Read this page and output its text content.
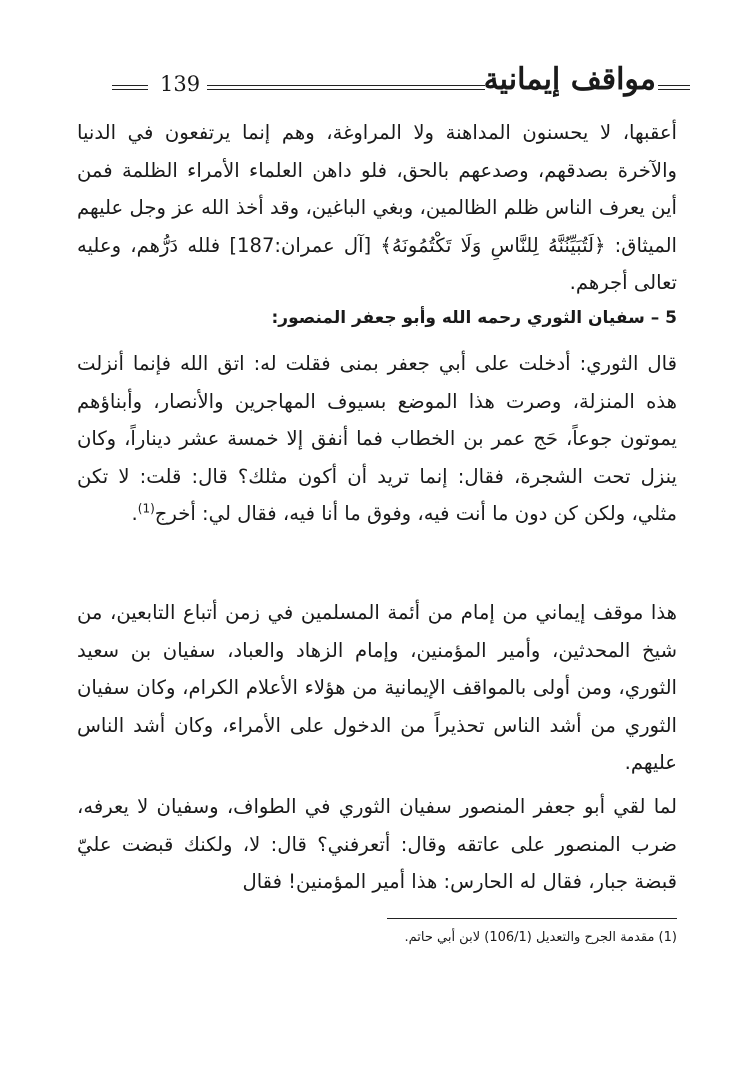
139	مواقف إيمانية

أعقبها، لا يحسنون المداهنة ولا المراوغة، وهم إنما يرتفعون في الدنيا والآخرة بصدقهم، وصدعهم بالحق، فلو داهن العلماء الأمراء الظلمة فمن أين يعرف الناس ظلم الظالمين، وبغي الباغين، وقد أخذ الله عز وجل عليهم الميثاق: ﴿لَتُبَيِّنُنَّهُ لِلنَّاسِ وَلَا تَكْتُمُونَهُ﴾ [آل عمران:187] فلله دَرُّهم، وعليه تعالى أجرهم.

5 – سفيان الثوري رحمه الله وأبو جعفر المنصور:

قال الثوري: أدخلت على أبي جعفر بمنى فقلت له: اتق الله فإنما أنزلت هذه المنزلة، وصرت هذا الموضع بسيوف المهاجرين والأنصار، وأبناؤهم يموتون جوعاً، حَج عمر بن الخطاب فما أنفق إلا خمسة عشر ديناراً، وكان ينزل تحت الشجرة، فقال: إنما تريد أن أكون مثلك؟ قال: قلت: لا تكن مثلي، ولكن كن دون ما أنت فيه، وفوق ما أنا فيه، فقال لي: أخرج$^{(1)}$.

هذا موقف إيماني من إمام من أئمة المسلمين في زمن أتباع التابعين، من شيخ المحدثين، وأمير المؤمنين، وإمام الزهاد والعباد، سفيان بن سعيد الثوري، ومن أولى بالمواقف الإيمانية من هؤلاء الأعلام الكرام، وكان سفيان الثوري من أشد الناس تحذيراً من الدخول على الأمراء، وكان أشد الناس عليهم.

لما لقي أبو جعفر المنصور سفيان الثوري في الطواف، وسفيان لا يعرفه، ضرب المنصور على عاتقه وقال: أتعرفني؟ قال: لا، ولكنك قبضت عليّ قبضة جبار، فقال له الحارس: هذا أمير المؤمنين! فقال

(1) مقدمة الجرح والتعديل (106/1) لابن أبي حاتم.
